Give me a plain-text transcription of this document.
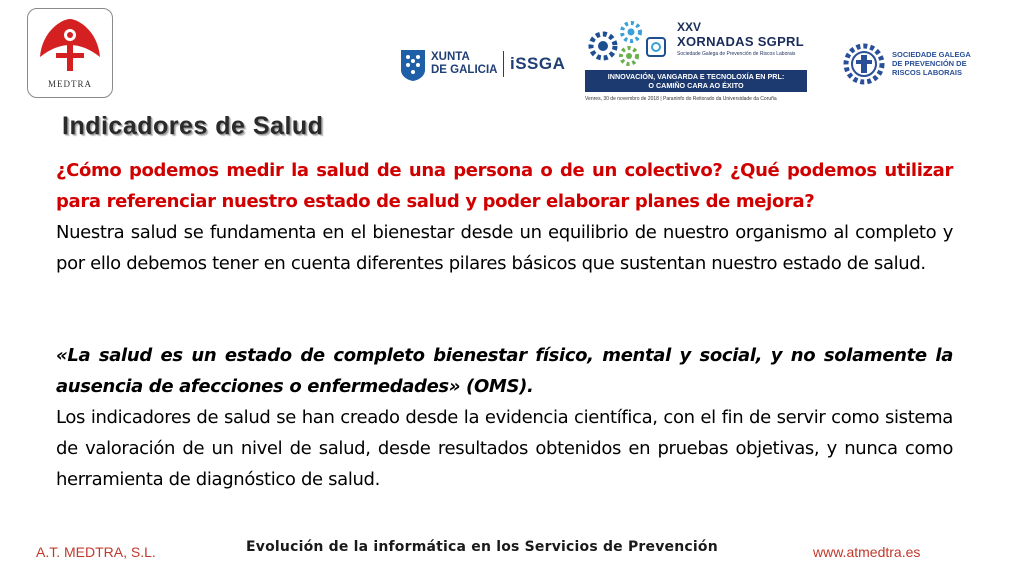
MEDTRA
XUNTA
DE GALICIA iSSGA
XXV
XORNADAS SGPRL
Sociedade Galega de Prevención de Riscos Laborais
INNOVACIÓN, VANGARDA E TECNOLOXÍA EN PRL:
O CAMIÑO CARA AO ÉXITO
Venres, 30 de novembro de 2018 | Paraninfo do Reitorado da Universidade da Coruña
SOCIEDADE GALEGA
DE PREVENCIÓN DE
RISCOS LABORAIS
Indicadores de Salud
¿Cómo podemos medir la salud de una persona o de un colectivo? ¿Qué podemos utilizar para referenciar nuestro estado de salud y poder elaborar planes de mejora?
Nuestra salud se fundamenta en el bienestar desde un equilibrio de nuestro organismo al completo y por ello debemos tener en cuenta diferentes pilares básicos que sustentan nuestro estado de salud.
«La salud es un estado de completo bienestar físico, mental y social, y no solamente la ausencia de afecciones o enfermedades» (OMS).
Los indicadores de salud se han creado desde la evidencia científica, con el fin de servir como sistema de valoración de un nivel de salud, desde resultados obtenidos en pruebas objetivas, y nunca como herramienta de diagnóstico de salud.
A.T. MEDTRA, S.L.	Evolución de la informática en los Servicios de Prevención	www.atmedtra.es
